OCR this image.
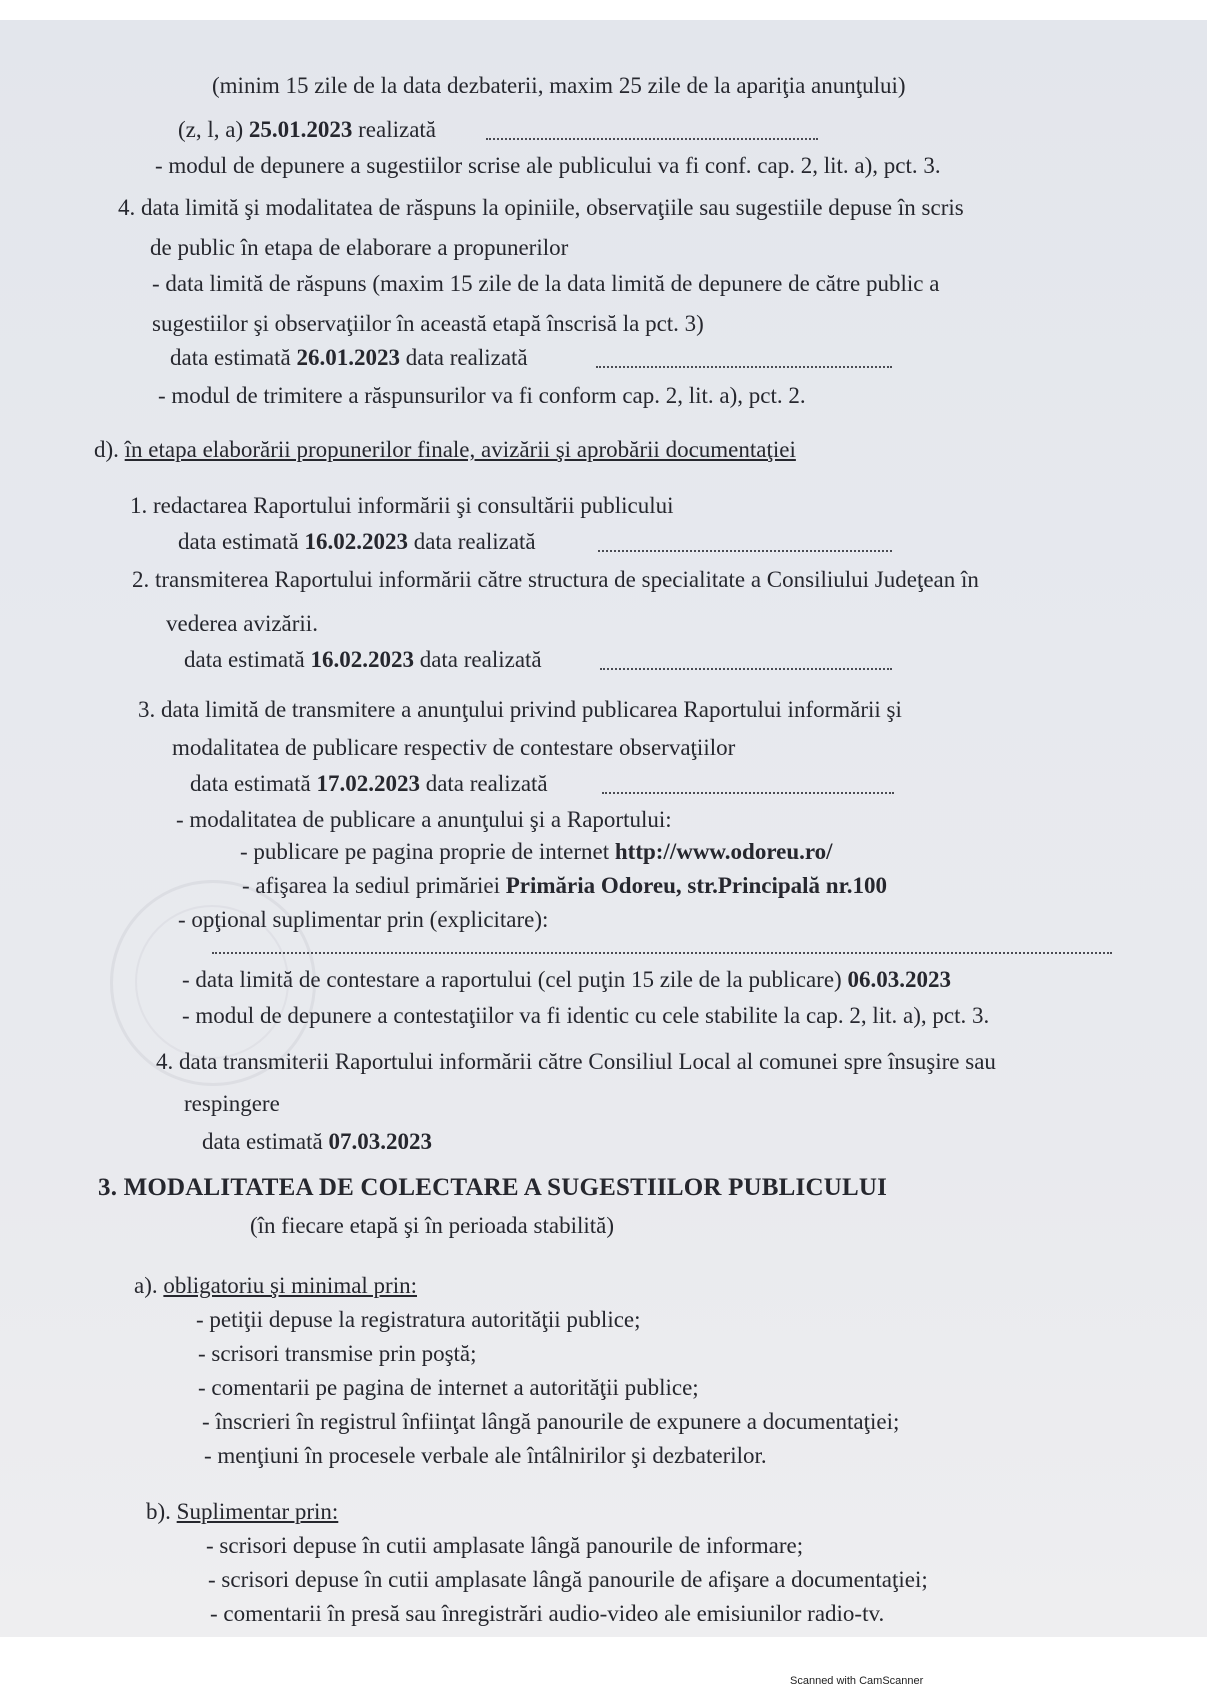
(minim 15 zile de la data dezbaterii, maxim 25 zile de la apariţia anunţului)
(z, l, a) 25.01.2023 realizată
- modul de depunere a sugestiilor scrise ale publicului va fi conf. cap. 2, lit. a), pct. 3.
4. data limită şi modalitatea de răspuns la opiniile, observaţiile sau sugestiile depuse în scris
de public în etapa de elaborare a propunerilor
- data limită de răspuns (maxim 15 zile de la data limită de depunere de către public a
sugestiilor şi observaţiilor în această etapă înscrisă la pct. 3)
data estimată 26.01.2023 data realizată
- modul de trimitere a răspunsurilor va fi conform cap. 2, lit. a), pct. 2.
d). în etapa elaborării propunerilor finale, avizării şi aprobării documentaţiei
1. redactarea Raportului informării şi consultării publicului
data estimată 16.02.2023 data realizată
2. transmiterea Raportului informării către structura de specialitate a Consiliului Judeţean în
vederea avizării.
data estimată 16.02.2023 data realizată
3. data limită de transmitere a anunţului privind publicarea Raportului informării şi
modalitatea de publicare respectiv de contestare observaţiilor
data estimată 17.02.2023 data realizată
- modalitatea de publicare a anunţului şi a Raportului:
- publicare pe pagina proprie de internet http://www.odoreu.ro/
- afişarea la sediul primăriei Primăria Odoreu, str.Principală nr.100
- opţional suplimentar prin (explicitare):
- data limită de contestare a raportului (cel puţin 15 zile de la publicare) 06.03.2023
- modul de depunere a contestaţiilor va fi identic cu cele stabilite la cap. 2, lit. a), pct. 3.
4. data transmiterii Raportului informării către Consiliul Local al comunei spre însuşire sau
respingere
data estimată 07.03.2023
3. MODALITATEA DE COLECTARE A SUGESTIILOR PUBLICULUI
(în fiecare etapă şi în perioada stabilită)
a). obligatoriu şi minimal prin:
- petiţii depuse la registratura autorităţii publice;
- scrisori transmise prin poştă;
- comentarii pe pagina de internet a autorităţii publice;
- înscrieri în registrul înfiinţat lângă panourile de expunere a documentaţiei;
- menţiuni în procesele verbale ale întâlnirilor şi dezbaterilor.
b). Suplimentar prin:
- scrisori depuse în cutii amplasate lângă panourile de informare;
- scrisori depuse în cutii amplasate lângă panourile de afişare a documentaţiei;
- comentarii în presă sau înregistrări audio-video ale emisiunilor radio-tv.
Scanned with CamScanner
